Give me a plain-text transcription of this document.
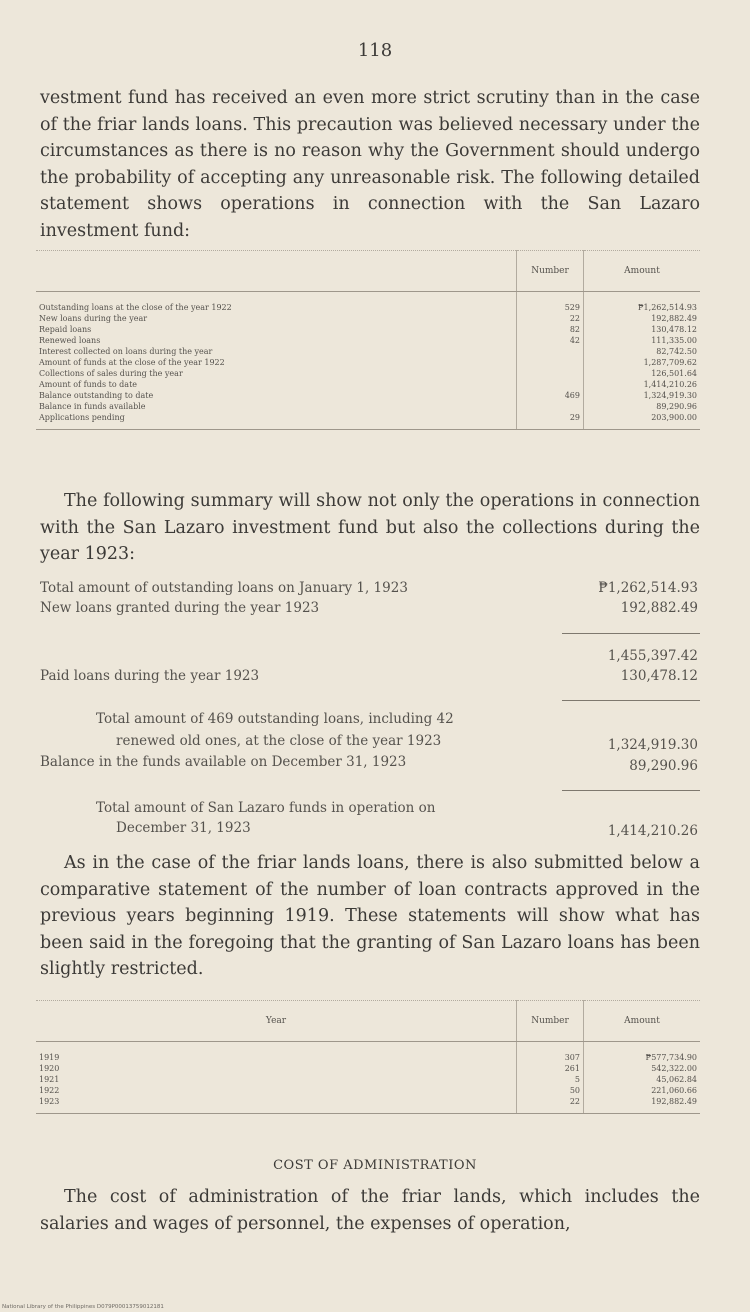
118

vestment fund has received an even more strict scrutiny than in the case of the friar lands loans. This precaution was believed necessary under the circumstances as there is no reason why the Government should undergo the probability of accepting any unreasonable risk. The following detailed statement shows operations in connection with the San Lazaro investment fund:

	Number	Amount
Outstanding loans at the close of the year 1922	529	₱1,262,514.93
New loans during the year	22	192,882.49
Repaid loans	82	130,478.12
Renewed loans	42	111,335.00
Interest collected on loans during the year		82,742.50
Amount of funds at the close of the year 1922		1,287,709.62
Collections of sales during the year		126,501.64
Amount of funds to date		1,414,210.26
Balance outstanding to date	469	1,324,919.30
Balance in funds available		89,290.96
Applications pending	29	203,900.00

The following summary will show not only the operations in connection with the San Lazaro investment fund but also the collections during the year 1923:

Total amount of outstanding loans on January 1, 1923	₱1,262,514.93
New loans granted during the year 1923	192,882.49
1,455,397.42
Paid loans during the year 1923	130,478.12
Total amount of 469 outstanding loans, including 42
renewed old ones, at the close of the year 1923	1,324,919.30
Balance in the funds available on December 31, 1923	89,290.96
Total amount of San Lazaro funds in operation on
December 31, 1923	1,414,210.26

As in the case of the friar lands loans, there is also submitted below a comparative statement of the number of loan contracts approved in the previous years beginning 1919. These statements will show what has been said in the foregoing that the granting of San Lazaro loans has been slightly restricted.

Year	Number	Amount
1919	307	₱577,734.90
1920	261	542,322.00
1921	5	45,062.84
1922	50	221,060.66
1923	22	192,882.49
COST OF ADMINISTRATION

The cost of administration of the friar lands, which includes the salaries and wages of personnel, the expenses of operation,

National Library of the Philippines D079P00013759012181
